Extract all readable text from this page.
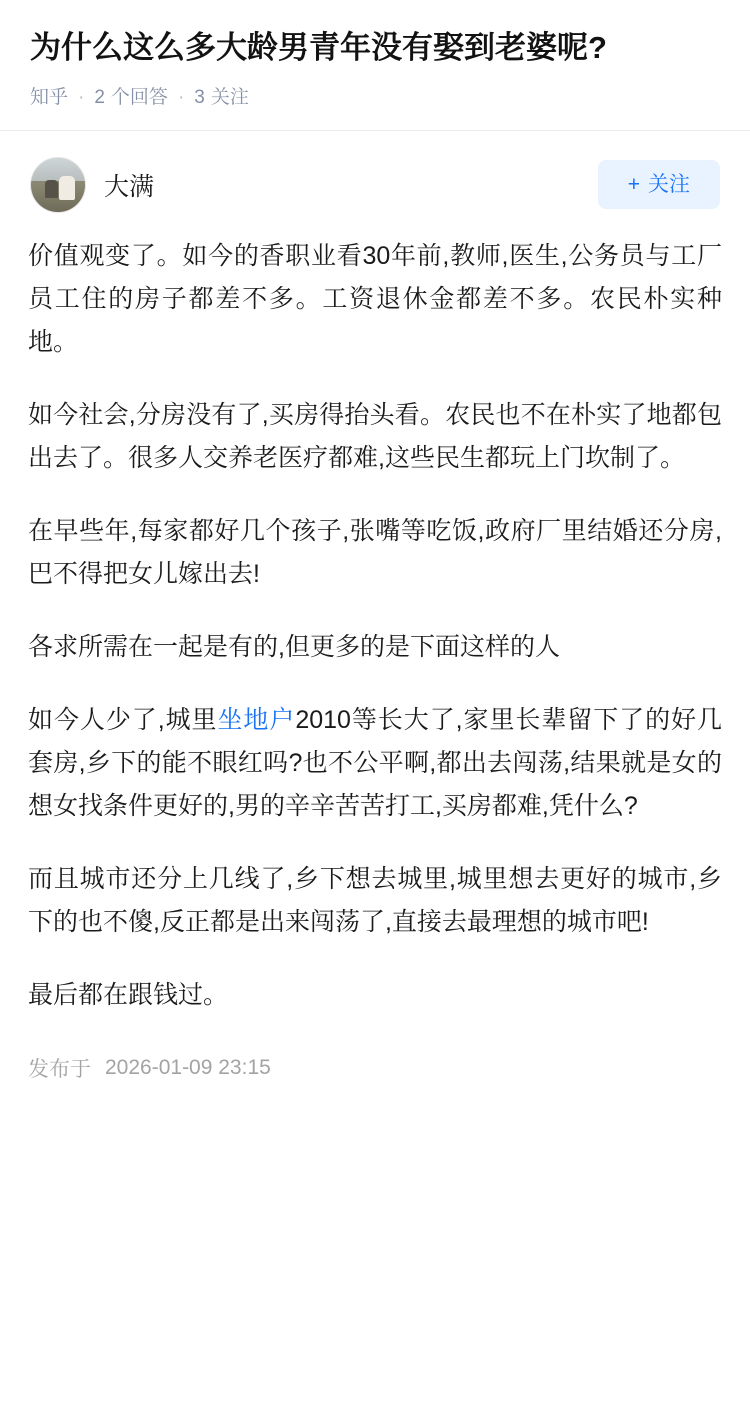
为什么这么多大龄男青年没有娶到老婆呢?
知乎 · 2 个回答 · 3 关注
大满	+ 关注

价值观变了。如今的香职业看30年前,教师,医生,公务员与工厂员工住的房子都差不多。工资退休金都差不多。农民朴实种地。

如今社会,分房没有了,买房得抬头看。农民也不在朴实了地都包出去了。很多人交养老医疗都难,这些民生都玩上门坎制了。

在早些年,每家都好几个孩子,张嘴等吃饭,政府厂里结婚还分房,巴不得把女儿嫁出去!

各求所需在一起是有的,但更多的是下面这样的人

如今人少了,城里坐地户2010等长大了,家里长辈留下了的好几套房,乡下的能不眼红吗?也不公平啊,都出去闯荡,结果就是女的想女找条件更好的,男的辛辛苦苦打工,买房都难,凭什么?

而且城市还分上几线了,乡下想去城里,城里想去更好的城市,乡下的也不傻,反正都是出来闯荡了,直接去最理想的城市吧!

最后都在跟钱过。

发布于 2026-01-09 23:15
